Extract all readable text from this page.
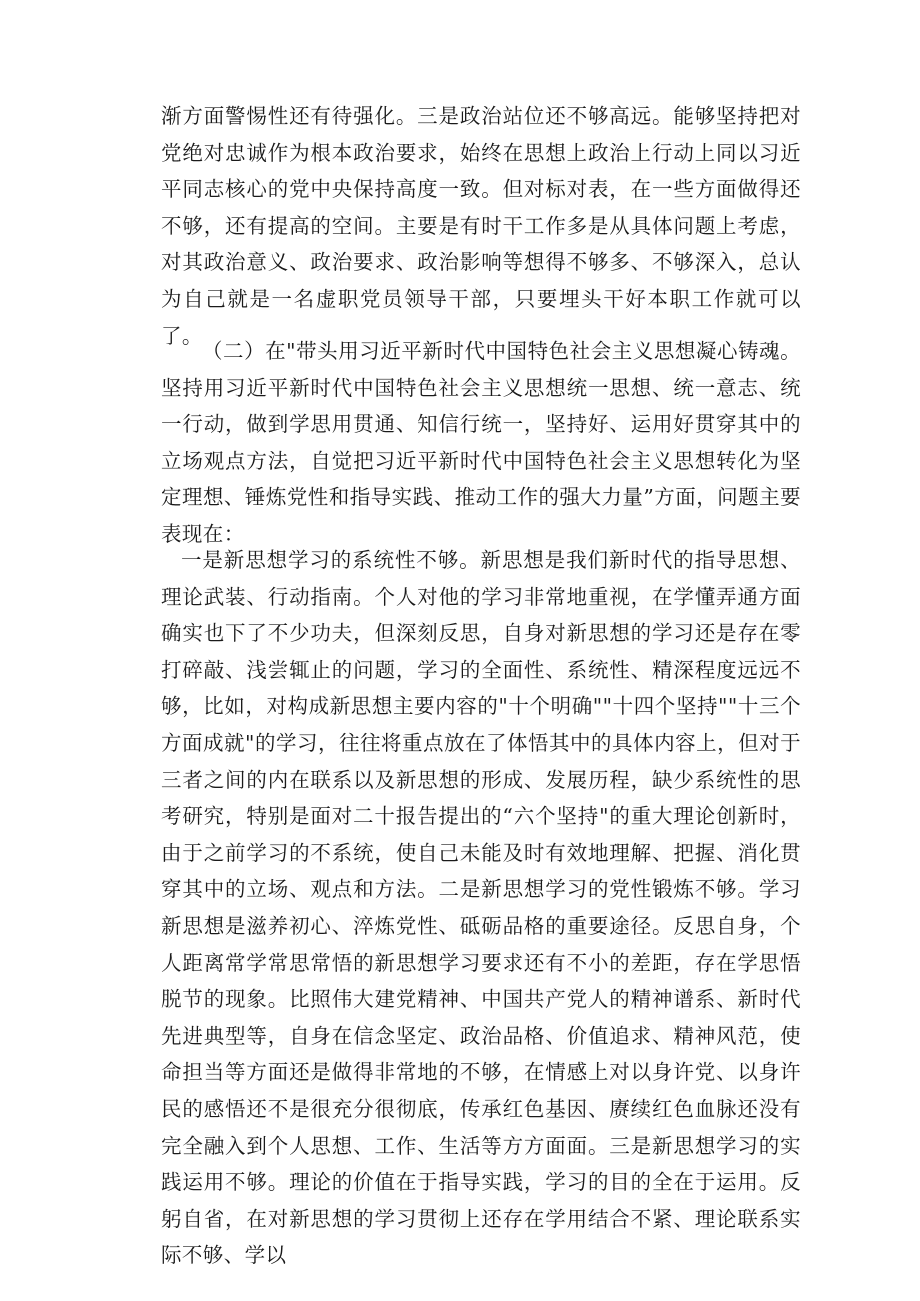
渐方面警惕性还有待强化。三是政治站位还不够高远。能够坚持把对党绝对忠诚作为根本政治要求，始终在思想上政治上行动上同以习近平同志核心的党中央保持高度一致。但对标对表，在一些方面做得还不够，还有提高的空间。主要是有时干工作多是从具体问题上考虑，对其政治意义、政治要求、政治影响等想得不够多、不够深入，总认为自己就是一名虚职党员领导干部，只要埋头干好本职工作就可以了。

（二）在"带头用习近平新时代中国特色社会主义思想凝心铸魂。坚持用习近平新时代中国特色社会主义思想统一思想、统一意志、统一行动，做到学思用贯通、知信行统一，坚持好、运用好贯穿其中的立场观点方法，自觉把习近平新时代中国特色社会主义思想转化为坚定理想、锤炼党性和指导实践、推动工作的强大力量”方面，问题主要表现在：

一是新思想学习的系统性不够。新思想是我们新时代的指导思想、理论武装、行动指南。个人对他的学习非常地重视，在学懂弄通方面确实也下了不少功夫，但深刻反思，自身对新思想的学习还是存在零打碎敲、浅尝辄止的问题，学习的全面性、系统性、精深程度远远不够，比如，对构成新思想主要内容的"十个明确""十四个坚持""十三个方面成就"的学习，往往将重点放在了体悟其中的具体内容上，但对于三者之间的内在联系以及新思想的形成、发展历程，缺少系统性的思考研究，特别是面对二十报告提出的“六个坚持"的重大理论创新时，由于之前学习的不系统，使自己未能及时有效地理解、把握、消化贯穿其中的立场、观点和方法。二是新思想学习的党性锻炼不够。学习新思想是滋养初心、淬炼党性、砥砺品格的重要途径。反思自身，个人距离常学常思常悟的新思想学习要求还有不小的差距，存在学思悟脱节的现象。比照伟大建党精神、中国共产党人的精神谱系、新时代先进典型等，自身在信念坚定、政治品格、价值追求、精神风范，使命担当等方面还是做得非常地的不够，在情感上对以身许党、以身许民的感悟还不是很充分很彻底，传承红色基因、赓续红色血脉还没有完全融入到个人思想、工作、生活等方方面面。三是新思想学习的实践运用不够。理论的价值在于指导实践，学习的目的全在于运用。反躬自省，在对新思想的学习贯彻上还存在学用结合不紧、理论联系实际不够、学以
